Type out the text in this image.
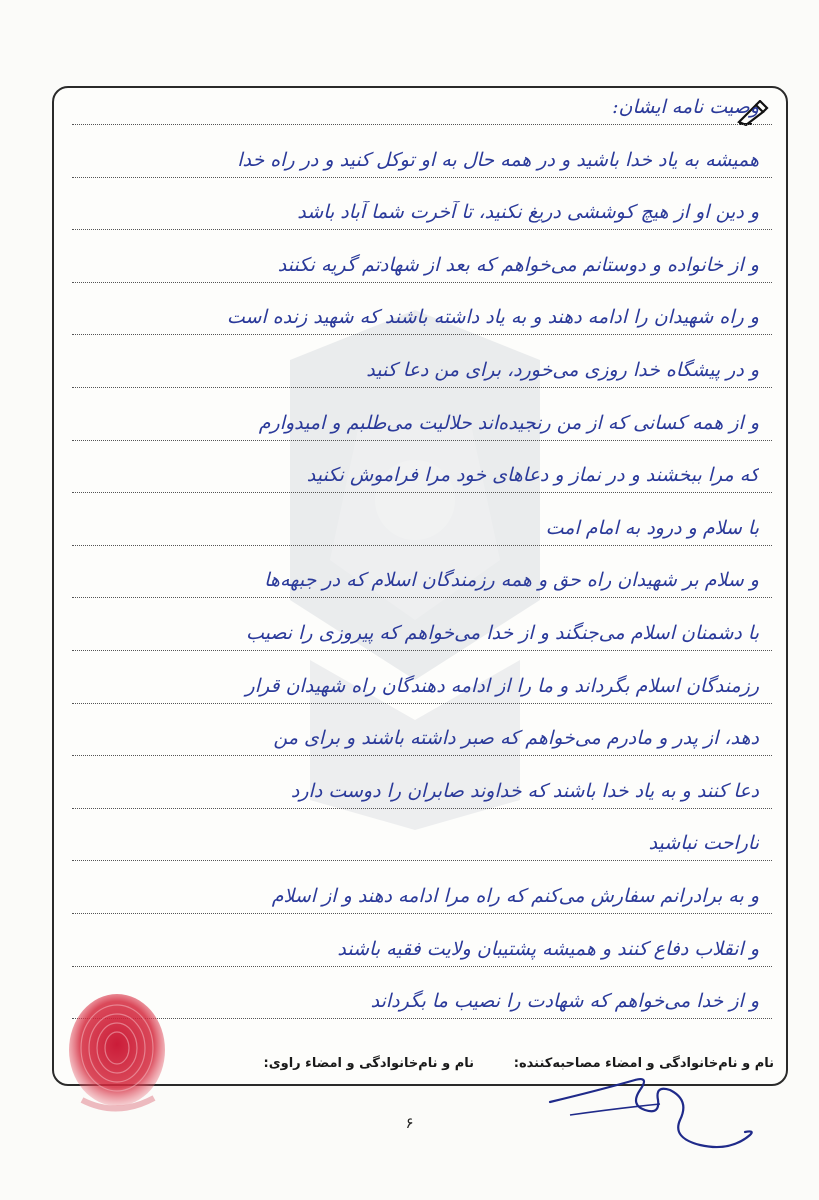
وصیت نامه ایشان:
همیشه به یاد خدا باشید و در همه حال به او توکل کنید و در راه خدا
و دین او از هیچ کوششی دریغ نکنید، تا آخرت شما آباد باشد
و از خانواده و دوستانم می‌خواهم که بعد از شهادتم گریه نکنند
و راه شهیدان را ادامه دهند و به یاد داشته باشند که شهید زنده است
و در پیشگاه خدا روزی می‌خورد، برای من دعا کنید
و از همه کسانی که از من رنجیده‌اند حلالیت می‌طلبم و امیدوارم
که مرا ببخشند و در نماز و دعاهای خود مرا فراموش نکنید
با سلام و درود به امام امت
و سلام بر شهیدان راه حق و همه رزمندگان اسلام که در جبهه‌ها
با دشمنان اسلام می‌جنگند و از خدا می‌خواهم که پیروزی را نصیب
رزمندگان اسلام بگرداند و ما را از ادامه دهندگان راه شهیدان قرار
دهد، از پدر و مادرم می‌خواهم که صبر داشته باشند و برای من
دعا کنند و به یاد خدا باشند که خداوند صابران را دوست دارد
ناراحت نباشید
و به برادرانم سفارش می‌کنم که راه مرا ادامه دهند و از اسلام
و انقلاب دفاع کنند و همیشه پشتیبان ولایت فقیه باشند
و از خدا می‌خواهم که شهادت را نصیب ما بگرداند
نام و نام‌خانوادگی و امضاء مصاحبه‌کننده:
نام و نام‌خانوادگی و امضاء راوی:
۶
